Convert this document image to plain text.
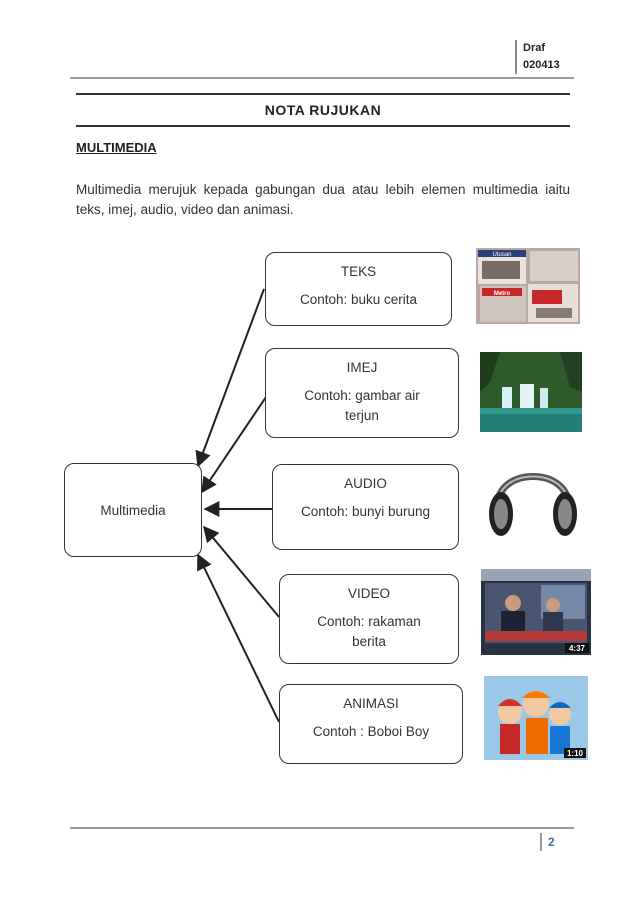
Draf
020413
NOTA RUJUKAN
MULTIMEDIA
Multimedia merujuk kepada gabungan dua atau lebih elemen multimedia iaitu teks, imej, audio, video dan animasi.
Multimedia
TEKS
Contoh: buku cerita
IMEJ
Contoh: gambar air terjun
AUDIO
Contoh: bunyi burung
VIDEO
Contoh: rakaman berita
ANIMASI
Contoh : Boboi Boy
Utusan
Metro
4:37
1:10
2
